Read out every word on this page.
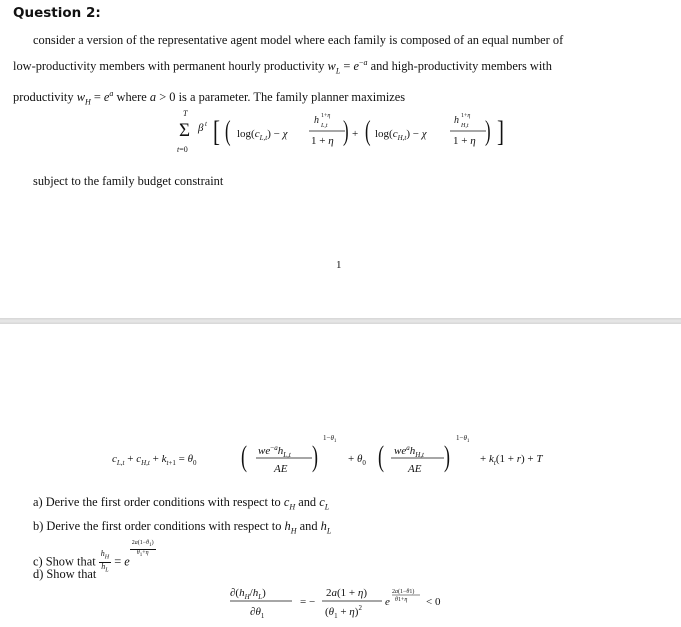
Question 2:
consider a version of the representative agent model where each family is composed of an equal number of
low-productivity members with permanent hourly productivity $w_L = e^{-a}$ and high-productivity members with
productivity $w_H = e^a$ where a > 0 is a parameter. The family planner maximizes
Σ
T
t=0
β t [ ( $\log(c_{L,t}) - \chi$
h 1+η
L,t
1 + η ) + ( $\log(c_{H,t}) - \chi$
h 1+η
H,t
1 + η ) ]
subject to the family budget constraint
1
$c_{L,t} + c_{H,t} + k_{t+1} = \theta_0$ ( $we^{-a}h_{L,t}$
AE )
$1-\theta_1$
+ $\theta_0$ ( $we^ah_{H,t}$
AE )
$1-\theta_1$
+ $k_t(1 + r) + T$
a) Derive the first order conditions with respect to $c_H$ and $c_L$
b) Derive the first order conditions with respect to $h_H$ and $h_L$
c) Show that $\frac{h_H}{h_L} = e$
$^{\frac{2a(1-\theta_1)}{\theta_1+\eta}}$
d) Show that
$\partial(h_H/h_L)$
$\partial\theta_1$
= −
2a(1 + η)
$(\theta_1 + \eta)^2$ e
2a(1−θ1)
θ1+η < 0
